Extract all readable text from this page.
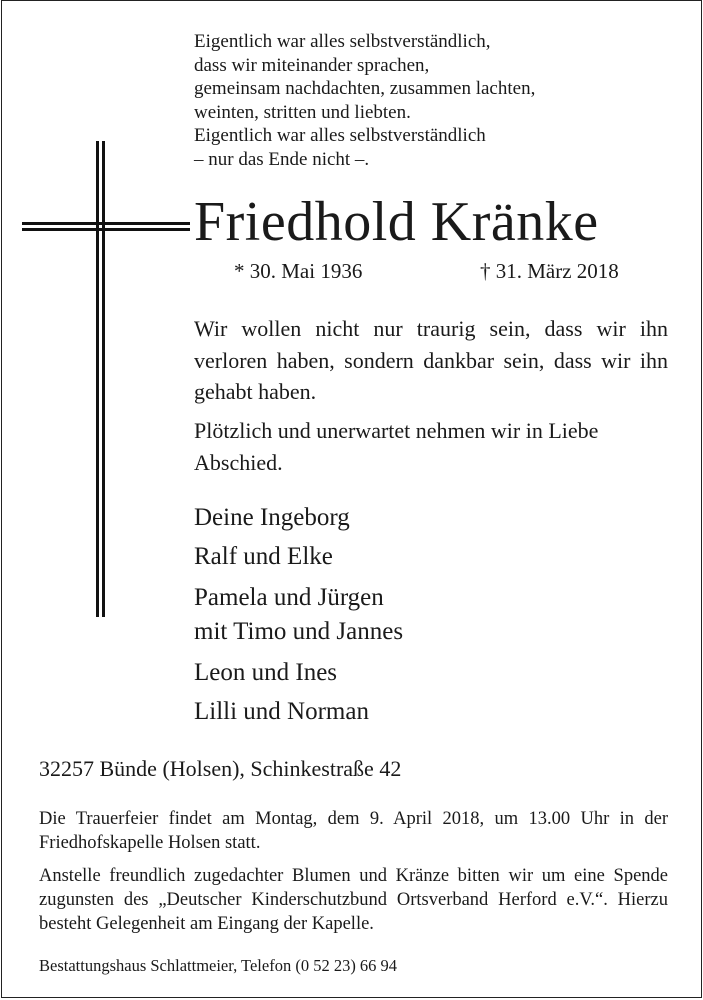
Eigentlich war alles selbstverständlich,
dass wir miteinander sprachen,
gemeinsam nachdachten, zusammen lachten,
weinten, stritten und liebten.
Eigentlich war alles selbstverständlich
– nur das Ende nicht –.
Friedhold Kränke
* 30. Mai 1936	† 31. März 2018
Wir wollen nicht nur traurig sein, dass wir ihn verloren haben, sondern dankbar sein, dass wir ihn gehabt haben.
Plötzlich und unerwartet nehmen wir in Liebe Abschied.
Deine Ingeborg
Ralf und Elke
Pamela und Jürgen
mit Timo und Jannes
Leon und Ines
Lilli und Norman
32257 Bünde (Holsen), Schinkestraße 42
Die Trauerfeier findet am Montag, dem 9. April 2018, um 13.00 Uhr in der Friedhofskapelle Holsen statt.
Anstelle freundlich zugedachter Blumen und Kränze bitten wir um eine Spende zugunsten des „Deutscher Kinderschutzbund Ortsverband Herford e.V.“. Hierzu besteht Gelegenheit am Eingang der Kapelle.
Bestattungshaus Schlattmeier, Telefon (0 52 23) 66 94
